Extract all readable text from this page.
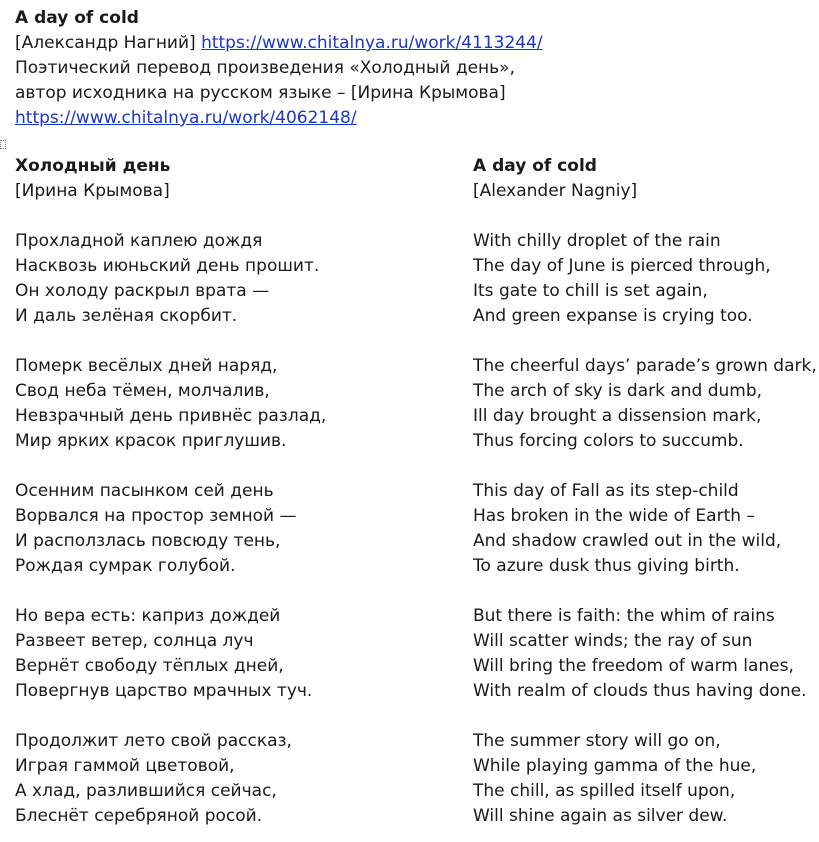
A day of cold
[Александр Нагний] https://www.chitalnya.ru/work/4113244/
Поэтический перевод произведения «Холодный день»,
автор исходника на русском языке – [Ирина Крымова]
https://www.chitalnya.ru/work/4062148/
Холодный день
[Ирина Крымова]
Прохладной каплею дождя
Насквозь июньский день прошит.
Он холоду раскрыл врата —
И даль зелёная скорбит.
Померк весёлых дней наряд,
Свод неба тёмен, молчалив,
Невзрачный день привнёс разлад,
Мир ярких красок приглушив.
Осенним пасынком сей день
Ворвался на простор земной —
И расползлась повсюду тень,
Рождая сумрак голубой.
Но вера есть: каприз дождей
Развеет ветер, солнца луч
Вернёт свободу тёплых дней,
Повергнув царство мрачных туч.
Продолжит лето свой рассказ,
Играя гаммой цветовой,
А хлад, разлившийся сейчас,
Блеснёт серебряной росой.
A day of cold
[Alexander Nagniy]
With chilly droplet of the rain
The day of June is pierced through,
Its gate to chill is set again,
And green expanse is crying too.
The cheerful days’ parade’s grown dark,
The arch of sky is dark and dumb,
Ill day brought a dissension mark,
Thus forcing colors to succumb.
This day of Fall as its step-child
Has broken in the wide of Earth –
And shadow crawled out in the wild,
To azure dusk thus giving birth.
But there is faith: the whim of rains
Will scatter winds; the ray of sun
Will bring the freedom of warm lanes,
With realm of clouds thus having done.
The summer story will go on,
While playing gamma of the hue,
The chill, as spilled itself upon,
Will shine again as silver dew.
